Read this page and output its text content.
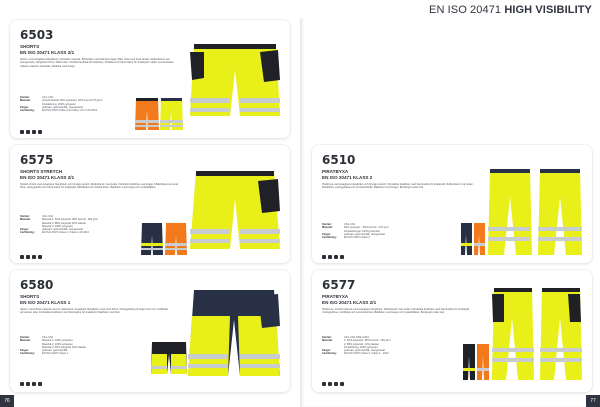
EN ISO 20471 HIGH VISIBILITY
6503
SHORTS
EN ISO 20471 KLASS 2/1
Shorts med avtagbara hängfickor i bärstarkt material. Bröst/slits med dold bar knapp. Bak: sluta med bred ränder. Reflexband med ettergivande, hängfickor finns i båda sidor. Vinklad benficka för kolarbete, förtäckta och hämtmärke för knäskydd. Lätta i ena bensidan. Lättare material i skridsida, bakficka med knapp.
Storlek:	C44–C64
Material:	Huvudmaterial: 60% polyester, 40% bomull 270 g/m²
Förstärkning: 100% polyester
Färger:	gul/svart, gul/marinblå, orange/svart
Certifiering:	EN ISO 20471 Klass 2 för Klass 1 för 2 A9 2013
6575
SHORTS STRETCH
EN ISO 20471 KLASS 2/1
Stretch-shorts med avtagbara hängfickor och fyrvägs stretch. Reflexband i två nivåer. Förstärkt sidoficka med knapp. Midjeficka med smal ficka, verktygsficka och hämtmärke för knäskydd. Mobilficka och dubbla fickor. Bakfickor med knapp och nyckelhållare.
Storlek:	C44–C64
Material:	Material 1: 60% polyester 38% bomull · 260 g/m²
Material 2: 88% polyamid 12% elastan
Material 3: 100% polyester
Färger:	gul/svart, gul/marinblå, orange/svart
Certifiering:	EN ISO 20471 Klass 2 / Klass 1 A9 2013
6580
SHORTS
EN ISO 20471 KLASS 1
Shorts i stretchfria material med tre reflexband. Avtagbara hängfickor med extra fickor. Verktygsficka på höger ben och mobilficka på vänster sida. Förstärkta knäfickor med hämtmärke för knäskydd. Bakfickor med lock.
Storlek:	C44–C64
Material:	Material 1: 100% polyester
Material 2: 100% polyester
Material 3: 90% polyamid 10% elastan
Färger:	gul/svart, gul/marinblå
Certifiering:	EN ISO 20471 Klass 1
6510
PIRATBYXA
EN ISO 20471 KLASS 2
Piratbyxa med avtagbara hängfickor och fyrvägs stretch. Förstärkta knäfickor med hämtmärke för knäskydd. Reflexband i två nivåer. Mobilficka, verktygsficka och tumstocksficka. Bakfickor med knapp. Benlängd under knä.
Storlek:	C44–C64
Material:	60% polyester · 40% bomull · 270 g/m²
Förstärkningar: 100% polyester
Färger:	gul/svart, gul/marinblå, orange/svart
Certifiering:	EN ISO 20471 Klass 2
6577
PIRATBYXA
EN ISO 20471 KLASS 2/1
Piratbyxa i stretchmaterial med avtagbara hängfickor. Reflexband i två nivåer. Förstärkta knäfickor med hämtmärke för knäskydd. Verktygsficka, mobilficka och tumstocksficka. Bakfickor med knapp och nyckelhållare. Benlängd under knä.
Storlek:	C44–C64, D84–D124
Material:	1: 60% polyester, 38% bomull · 260 g/m²
2: 88% polyamid, 12% elastan
Förstärkning: 100% polyester
Färger:	gul/svart, gul/marinblå, orange/svart
Certifiering:	EN ISO 20471 Klass 2 / Klass 1 · 2013
76	77
